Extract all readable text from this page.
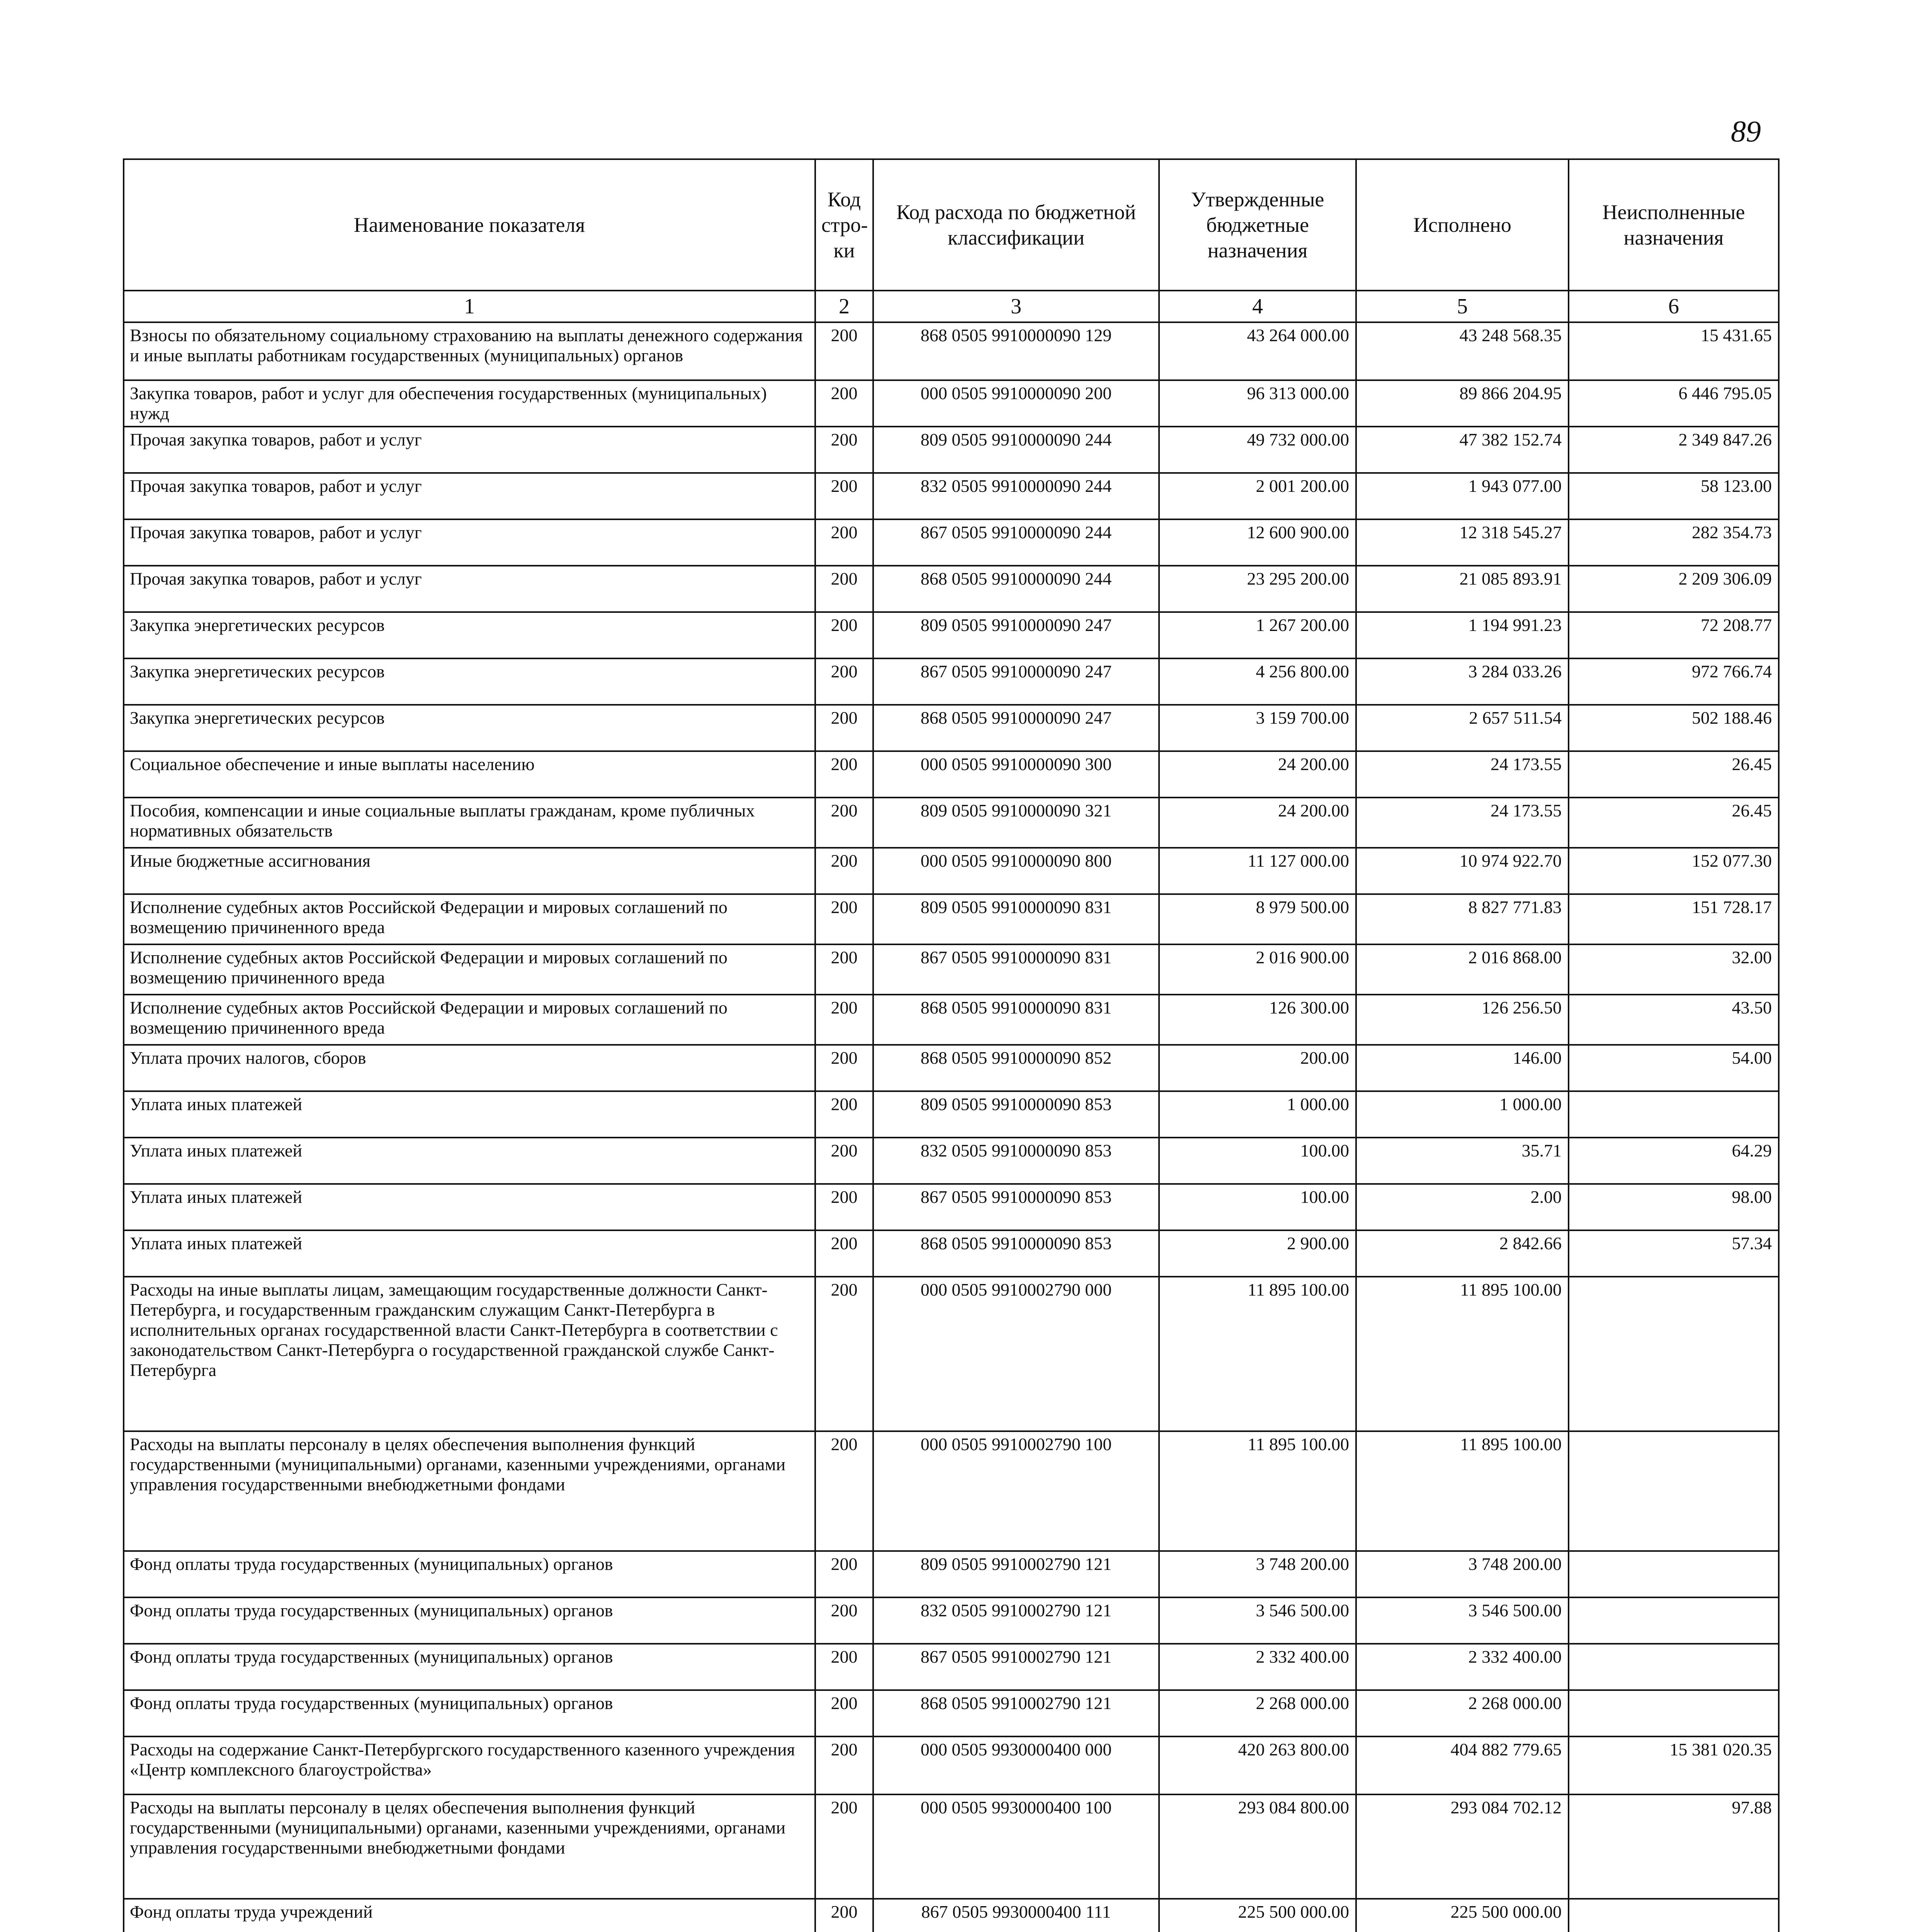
89
Наименование показателя	Код стро-ки	Код расхода по бюджетной классификации	Утвержденные бюджетные назначения	Исполнено	Неисполненные назначения
1	2	3	4	5	6
Взносы по обязательному социальному страхованию на выплаты денежного содержания и иные выплаты работникам государственных (муниципальных) органов	200	868 0505 9910000090 129	43 264 000.00	43 248 568.35	15 431.65
Закупка товаров, работ и услуг для обеспечения государственных (муниципальных) нужд	200	000 0505 9910000090 200	96 313 000.00	89 866 204.95	6 446 795.05
Прочая закупка товаров, работ и услуг	200	809 0505 9910000090 244	49 732 000.00	47 382 152.74	2 349 847.26
Прочая закупка товаров, работ и услуг	200	832 0505 9910000090 244	2 001 200.00	1 943 077.00	58 123.00
Прочая закупка товаров, работ и услуг	200	867 0505 9910000090 244	12 600 900.00	12 318 545.27	282 354.73
Прочая закупка товаров, работ и услуг	200	868 0505 9910000090 244	23 295 200.00	21 085 893.91	2 209 306.09
Закупка энергетических ресурсов	200	809 0505 9910000090 247	1 267 200.00	1 194 991.23	72 208.77
Закупка энергетических ресурсов	200	867 0505 9910000090 247	4 256 800.00	3 284 033.26	972 766.74
Закупка энергетических ресурсов	200	868 0505 9910000090 247	3 159 700.00	2 657 511.54	502 188.46
Социальное обеспечение и иные выплаты населению	200	000 0505 9910000090 300	24 200.00	24 173.55	26.45
Пособия, компенсации и иные социальные выплаты гражданам, кроме публичных нормативных обязательств	200	809 0505 9910000090 321	24 200.00	24 173.55	26.45
Иные бюджетные ассигнования	200	000 0505 9910000090 800	11 127 000.00	10 974 922.70	152 077.30
Исполнение судебных актов Российской Федерации и мировых соглашений по возмещению причиненного вреда	200	809 0505 9910000090 831	8 979 500.00	8 827 771.83	151 728.17
Исполнение судебных актов Российской Федерации и мировых соглашений по возмещению причиненного вреда	200	867 0505 9910000090 831	2 016 900.00	2 016 868.00	32.00
Исполнение судебных актов Российской Федерации и мировых соглашений по возмещению причиненного вреда	200	868 0505 9910000090 831	126 300.00	126 256.50	43.50
Уплата прочих налогов, сборов	200	868 0505 9910000090 852	200.00	146.00	54.00
Уплата иных платежей	200	809 0505 9910000090 853	1 000.00	1 000.00	
Уплата иных платежей	200	832 0505 9910000090 853	100.00	35.71	64.29
Уплата иных платежей	200	867 0505 9910000090 853	100.00	2.00	98.00
Уплата иных платежей	200	868 0505 9910000090 853	2 900.00	2 842.66	57.34
Расходы на иные выплаты лицам, замещающим государственные должности Санкт-Петербурга, и государственным гражданским служащим Санкт-Петербурга в исполнительных органах государственной власти Санкт-Петербурга в соответствии с законодательством Санкт-Петербурга о государственной гражданской службе Санкт-Петербурга	200	000 0505 9910002790 000	11 895 100.00	11 895 100.00	
Расходы на выплаты персоналу в целях обеспечения выполнения функций государственными (муниципальными) органами, казенными учреждениями, органами управления государственными внебюджетными фондами	200	000 0505 9910002790 100	11 895 100.00	11 895 100.00	
Фонд оплаты труда государственных (муниципальных) органов	200	809 0505 9910002790 121	3 748 200.00	3 748 200.00	
Фонд оплаты труда государственных (муниципальных) органов	200	832 0505 9910002790 121	3 546 500.00	3 546 500.00	
Фонд оплаты труда государственных (муниципальных) органов	200	867 0505 9910002790 121	2 332 400.00	2 332 400.00	
Фонд оплаты труда государственных (муниципальных) органов	200	868 0505 9910002790 121	2 268 000.00	2 268 000.00	
Расходы на содержание Санкт-Петербургского государственного казенного учреждения «Центр комплексного благоустройства»	200	000 0505 9930000400 000	420 263 800.00	404 882 779.65	15 381 020.35
Расходы на выплаты персоналу в целях обеспечения выполнения функций государственными (муниципальными) органами, казенными учреждениями, органами управления государственными внебюджетными фондами	200	000 0505 9930000400 100	293 084 800.00	293 084 702.12	97.88
Фонд оплаты труда учреждений	200	867 0505 9930000400 111	225 500 000.00	225 500 000.00	
